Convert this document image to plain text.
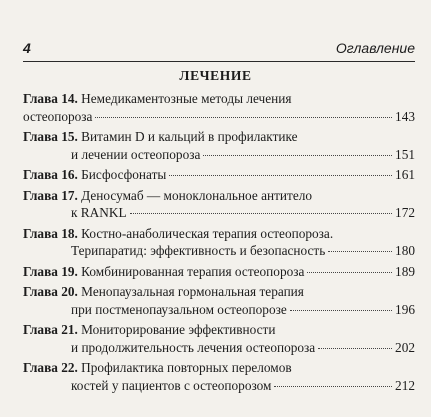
4	Оглавление
ЛЕЧЕНИЕ
Глава 14. Немедикаментозные методы лечения
остеопороза	143
Глава 15. Витамин D и кальций в профилактике
и лечении остеопороза	151
Глава 16.
Бисфосфонаты	161
Глава 17. Деносумаб — моноклональное антитело
к RANKL	172
Глава 18. Костно-анаболическая терапия остеопороза.
Терипаратид: эффективность и безопасность	180
Глава 19.
Комбинированная терапия остеопороза	189
Глава 20. Менопаузальная гормональная терапия
при постменопаузальном остеопорозе	196
Глава 21. Мониторирование эффективности
и продолжительность лечения остеопороза	202
Глава 22. Профилактика повторных переломов
костей у пациентов с остеопорозом	212
